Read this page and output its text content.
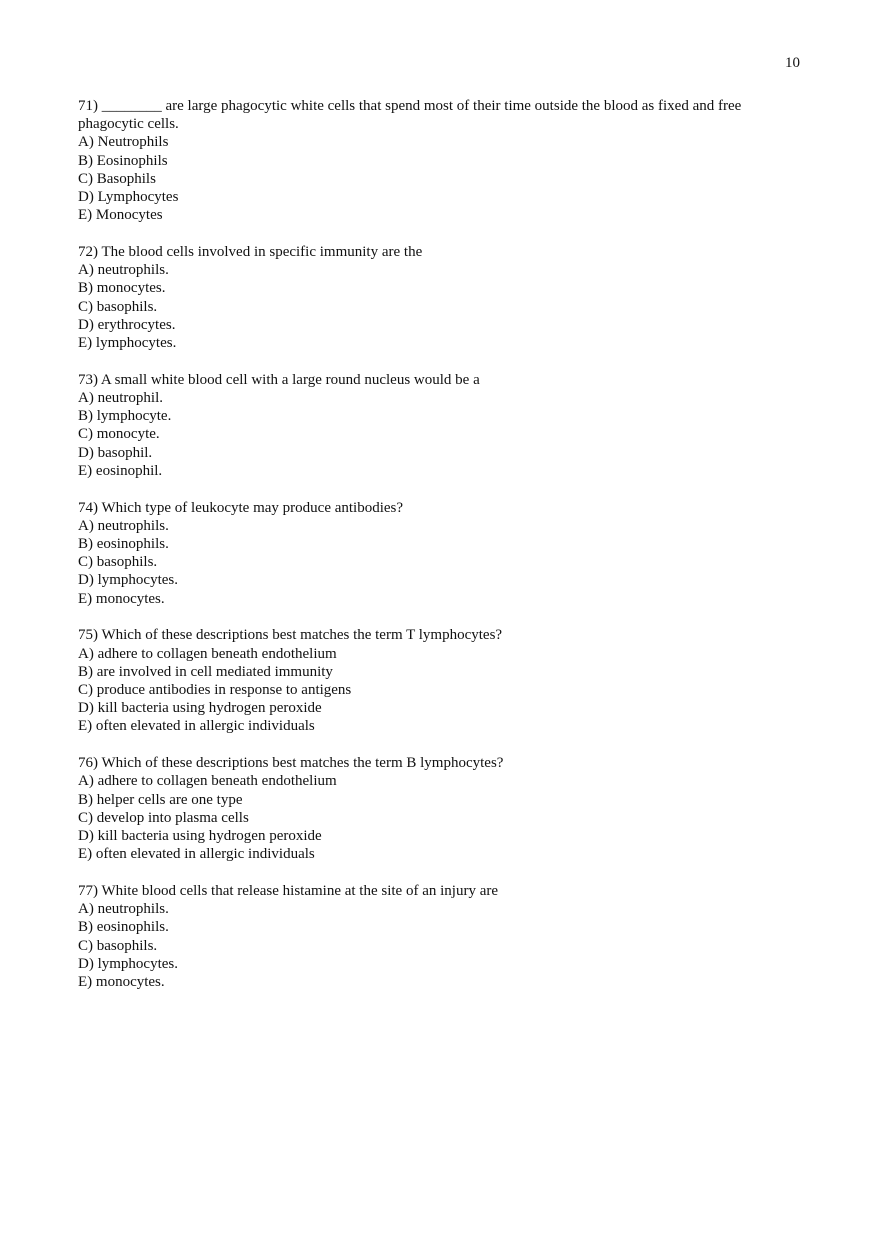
10

71) ________ are large phagocytic white cells that spend most of their time outside the blood as fixed and free phagocytic cells.

A) Neutrophils

B) Eosinophils

C) Basophils

D) Lymphocytes

E) Monocytes

72) The blood cells involved in specific immunity are the

A) neutrophils.

B) monocytes.

C) basophils.

D) erythrocytes.

E) lymphocytes.

73) A small white blood cell with a large round nucleus would be a

A) neutrophil.

B) lymphocyte.

C) monocyte.

D) basophil.

E) eosinophil.

74) Which type of leukocyte may produce antibodies?

A) neutrophils.

B) eosinophils.

C) basophils.

D) lymphocytes.

E) monocytes.

75) Which of these descriptions best matches the term T lymphocytes?

A) adhere to collagen beneath endothelium

B) are involved in cell mediated immunity

C) produce antibodies in response to antigens

D) kill bacteria using hydrogen peroxide

E) often elevated in allergic individuals

76) Which of these descriptions best matches the term B lymphocytes?

A) adhere to collagen beneath endothelium

B) helper cells are one type

C) develop into plasma cells

D) kill bacteria using hydrogen peroxide

E) often elevated in allergic individuals

77) White blood cells that release histamine at the site of an injury are

A) neutrophils.

B) eosinophils.

C) basophils.

D) lymphocytes.

E) monocytes.
